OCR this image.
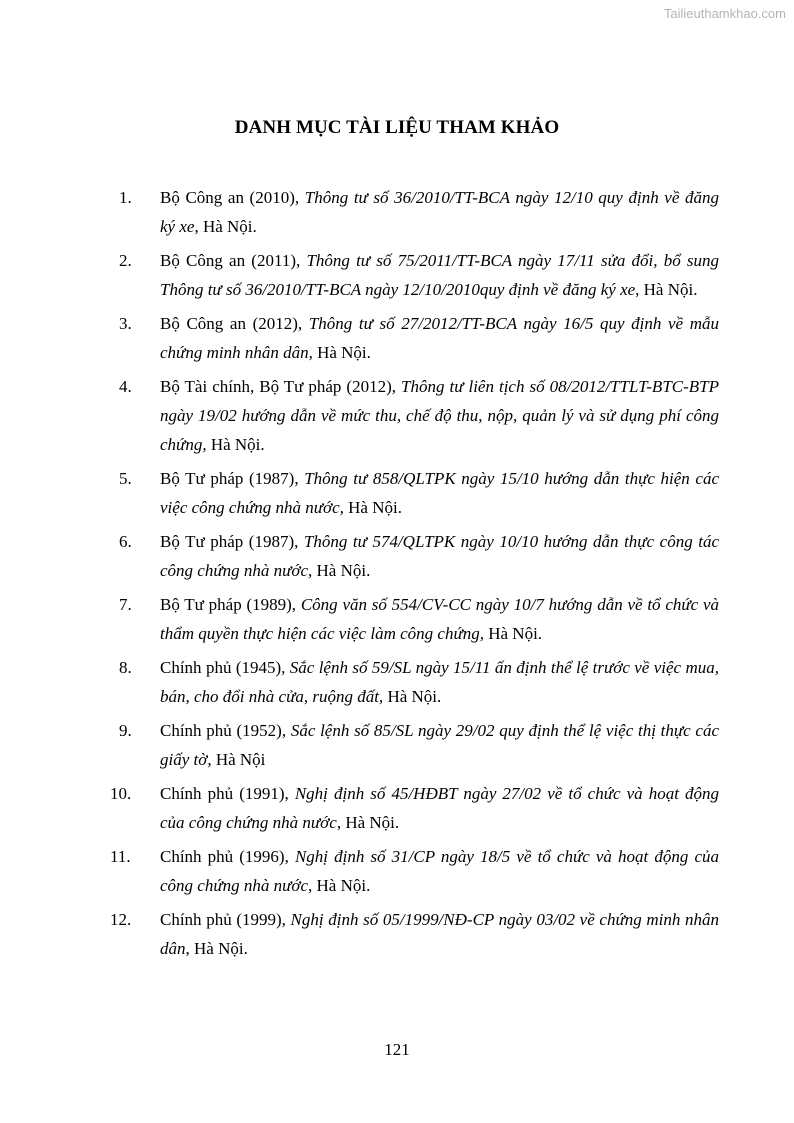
Tailieuthamkhao.com
DANH MỤC TÀI LIỆU THAM KHẢO
1.	Bộ Công an (2010), Thông tư số 36/2010/TT-BCA ngày 12/10 quy định về đăng ký xe, Hà Nội.
2.	Bộ Công an (2011), Thông tư số 75/2011/TT-BCA ngày 17/11 sửa đổi, bổ sung Thông tư số 36/2010/TT-BCA ngày 12/10/2010quy định về đăng ký xe, Hà Nội.
3.	Bộ Công an (2012), Thông tư số 27/2012/TT-BCA ngày 16/5 quy định về mẫu chứng minh nhân dân, Hà Nội.
4.	Bộ Tài chính, Bộ Tư pháp (2012), Thông tư liên tịch số 08/2012/TTLT-BTC-BTP ngày 19/02 hướng dẫn về mức thu, chế độ thu, nộp, quản lý và sử dụng phí công chứng, Hà Nội.
5.	Bộ Tư pháp (1987), Thông tư 858/QLTPK ngày 15/10 hướng dẫn thực hiện các việc công chứng nhà nước, Hà Nội.
6.	Bộ Tư pháp (1987), Thông tư 574/QLTPK ngày 10/10 hướng dẫn thực công tác công chứng nhà nước, Hà Nội.
7.	Bộ Tư pháp (1989), Công văn số 554/CV-CC ngày 10/7 hướng dẫn về tổ chức và thẩm quyền thực hiện các việc làm công chứng, Hà Nội.
8.	Chính phủ (1945), Sắc lệnh số 59/SL ngày 15/11 ấn định thể lệ trước về việc mua, bán, cho đổi nhà cửa, ruộng đất, Hà Nội.
9.	Chính phủ (1952), Sắc lệnh số 85/SL ngày 29/02 quy định thể lệ việc thị thực các giấy tờ, Hà Nội
10.	Chính phủ (1991), Nghị định số 45/HĐBT ngày 27/02 về tổ chức và hoạt động của công chứng nhà nước, Hà Nội.
11.	Chính phủ (1996), Nghị định số 31/CP ngày 18/5 về tổ chức và hoạt động của công chứng nhà nước, Hà Nội.
12.	Chính phủ (1999), Nghị định số 05/1999/NĐ-CP ngày 03/02 về chứng minh nhân dân, Hà Nội.
121
